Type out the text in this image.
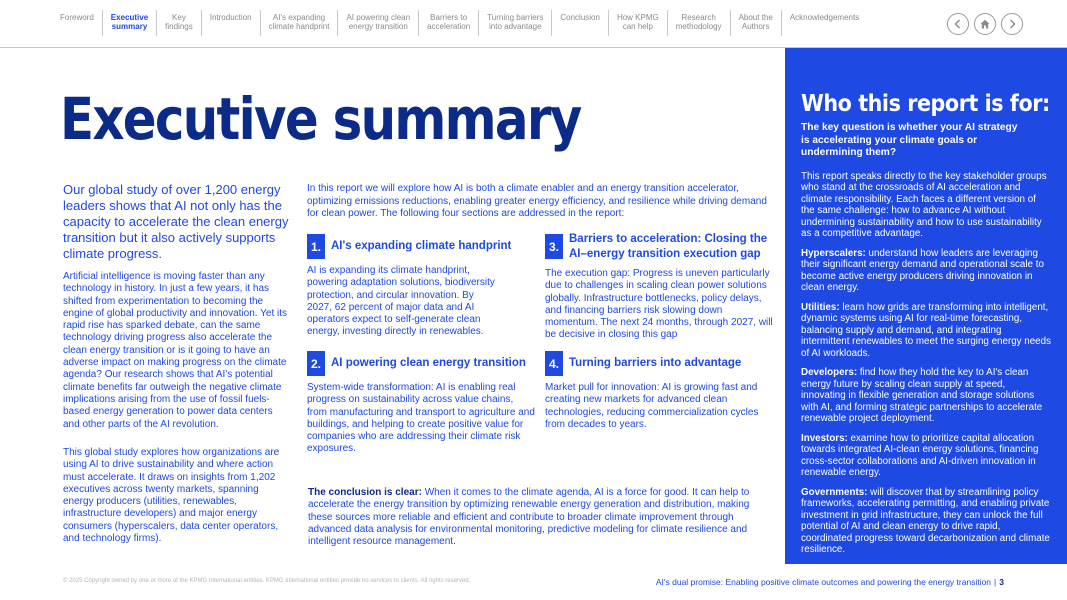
Foreword	Executive
summary
Key
findings
Introduction	AI's expanding
climate handprint
AI powering clean
energy transition
Barriers to
acceleration
Turning barriers
into advantage
Conclusion	How KPMG
can help
Research
methodology
About the
Authors
Acknowledgements
Executive summary

Our global study of over 1,200 energy leaders shows that AI not only has the capacity to accelerate the clean energy transition but it also actively supports climate progress.

Artificial intelligence is moving faster than any technology in history. In just a few years, it has shifted from experimentation to becoming the engine of global productivity and innovation. Yet its rapid rise has sparked debate, can the same technology driving progress also accelerate the clean energy transition or is it going to have an adverse impact on making progress on the climate agenda? Our research shows that AI's potential climate benefits far outweigh the negative climate implications arising from the use of fossil fuels-based energy generation to power data centers and other parts of the AI revolution.

This global study explores how organizations are using AI to drive sustainability and where action must accelerate. It draws on insights from 1,202 executives across twenty markets, spanning energy producers (utilities, renewables, infrastructure developers) and major energy consumers (hyperscalers, data center operators, and technology firms).

In this report we will explore how AI is both a climate enabler and an energy transition accelerator, optimizing emissions reductions, enabling greater energy efficiency, and resilience while driving demand for clean power. The following four sections are addressed in the report:

1. AI's expanding climate handprint

AI is expanding its climate handprint, powering adaptation solutions, biodiversity protection, and circular innovation. By 2027, 62 percent of major data and AI operators expect to self-generate clean energy, investing directly in renewables.

3.
Barriers to acceleration: Closing the AI–energy transition execution gap

The execution gap: Progress is uneven particularly due to challenges in scaling clean power solutions globally. Infrastructure bottlenecks, policy delays, and financing barriers risk slowing down momentum. The next 24 months, through 2027, will be decisive in closing this gap

2. AI powering clean energy transition

System-wide transformation: AI is enabling real progress on sustainability across value chains, from manufacturing and transport to agriculture and buildings, and helping to create positive value for companies who are addressing their climate risk exposures.

4. Turning barriers into advantage

Market pull for innovation: AI is growing fast and creating new markets for advanced clean technologies, reducing commercialization cycles from decades to years.

The conclusion is clear: When it comes to the climate agenda, AI is a force for good. It can help to accelerate the energy transition by optimizing renewable energy generation and distribution, making these sources more reliable and efficient and contribute to broader climate improvement through advanced data analysis for environmental monitoring, predictive modeling for climate resilience and intelligent resource management.

Who this report is for:

The key question is whether your AI strategy is accelerating your climate goals or undermining them?

This report speaks directly to the key stakeholder groups who stand at the crossroads of AI acceleration and climate responsibility. Each faces a different version of the same challenge: how to advance AI without undermining sustainability and how to use sustainability as a competitive advantage.

Hyperscalers: understand how leaders are leveraging their significant energy demand and operational scale to become active energy producers driving innovation in clean energy.

Utilities: learn how grids are transforming into intelligent, dynamic systems using AI for real-time forecasting, balancing supply and demand, and integrating intermittent renewables to meet the surging energy needs of AI workloads.

Developers: find how they hold the key to AI's clean energy future by scaling clean supply at speed, innovating in flexible generation and storage solutions with AI, and forming strategic partnerships to accelerate renewable project deployment.

Investors: examine how to prioritize capital allocation towards integrated AI-clean energy solutions, financing cross-sector collaborations and AI-driven innovation in renewable energy.

Governments: will discover that by streamlining policy frameworks, accelerating permitting, and enabling private investment in grid infrastructure, they can unlock the full potential of AI and clean energy to drive rapid, coordinated progress toward decarbonization and climate resilience.

© 2025 Copyright owned by one or more of the KPMG International entities. KPMG International entities provide no services to clients. All rights reserved.	AI's dual promise: Enabling positive climate outcomes and powering the energy transition | 3
